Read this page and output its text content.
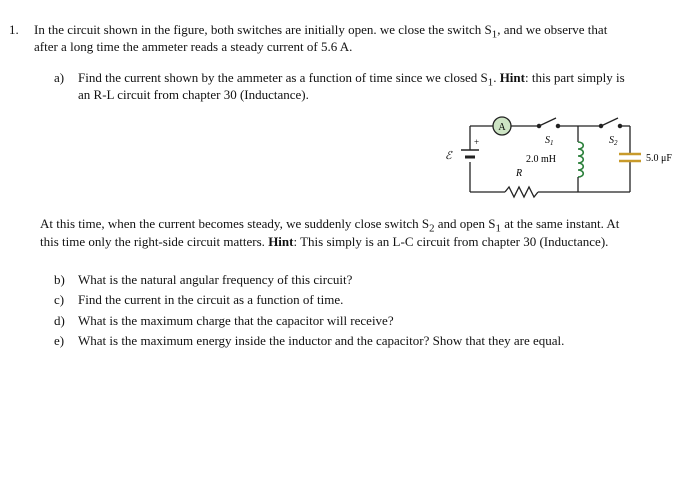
1. In the circuit shown in the figure, both switches are initially open. we close the switch $S_1$, and we observe that
after a long time the ammeter reads a steady current of 5.6 A.
a) Find the current shown by the ammeter as a function of time since we closed $S_1$. Hint: this part simply is
an R-L circuit from chapter 30 (Inductance).
A
$S_1$	$S_2$
ℰ
+
2.0 mH
R
5.0 μF
At this time, when the current becomes steady, we suddenly close switch $S_2$ and open $S_1$ at the same instant. At
this time only the right-side circuit matters. Hint: This simply is an L-C circuit from chapter 30 (Inductance).
b) What is the natural angular frequency of this circuit?
c) Find the current in the circuit as a function of time.
d) What is the maximum charge that the capacitor will receive?
e) What is the maximum energy inside the inductor and the capacitor? Show that they are equal.
